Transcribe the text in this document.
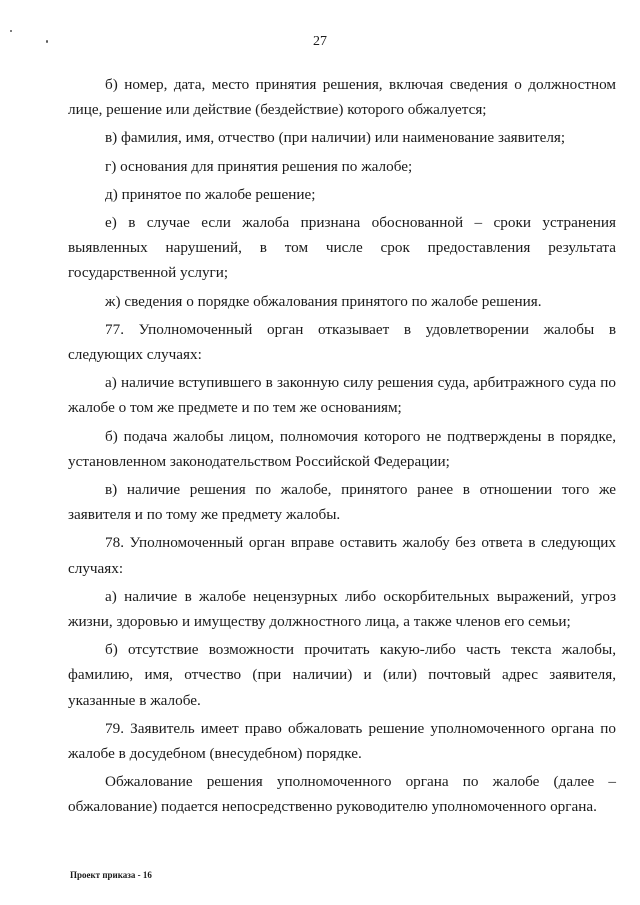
27

б) номер, дата, место принятия решения, включая сведения о должностном лице, решение или действие (бездействие) которого обжалуется;

в) фамилия, имя, отчество (при наличии) или наименование заявителя;

г) основания для принятия решения по жалобе;

д) принятое по жалобе решение;

е) в случае если жалоба признана обоснованной – сроки устранения выявленных нарушений, в том числе срок предоставления результата государственной услуги;

ж) сведения о порядке обжалования принятого по жалобе решения.

77. Уполномоченный орган отказывает в удовлетворении жалобы в следующих случаях:

а) наличие вступившего в законную силу решения суда, арбитражного суда по жалобе о том же предмете и по тем же основаниям;

б) подача жалобы лицом, полномочия которого не подтверждены в порядке, установленном законодательством Российской Федерации;

в) наличие решения по жалобе, принятого ранее в отношении того же заявителя и по тому же предмету жалобы.

78. Уполномоченный орган вправе оставить жалобу без ответа в следующих случаях:

а) наличие в жалобе нецензурных либо оскорбительных выражений, угроз жизни, здоровью и имуществу должностного лица, а также членов его семьи;

б) отсутствие возможности прочитать какую-либо часть текста жалобы, фамилию, имя, отчество (при наличии) и (или) почтовый адрес заявителя, указанные в жалобе.

79. Заявитель имеет право обжаловать решение уполномоченного органа по жалобе в досудебном (внесудебном) порядке.

Обжалование решения уполномоченного органа по жалобе (далее – обжалование) подается непосредственно руководителю уполномоченного органа.

Проект приказа - 16
